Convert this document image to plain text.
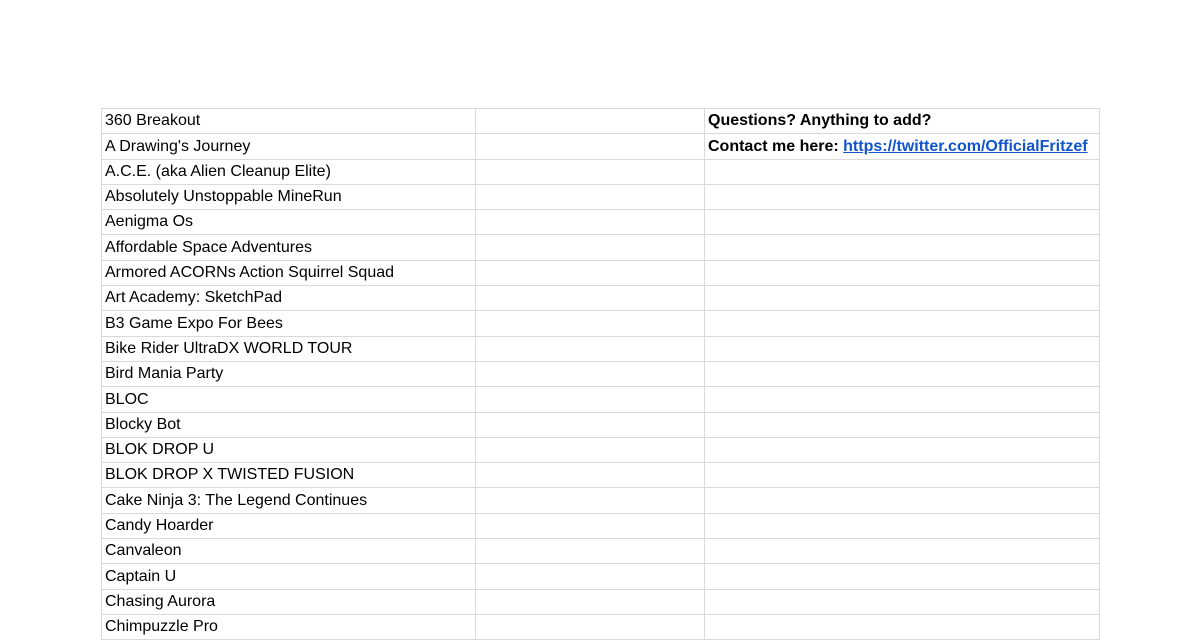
360 Breakout		Questions? Anything to add?
A Drawing's Journey		Contact me here: https://twitter.com/OfficialFritzef
A.C.E. (aka Alien Cleanup Elite)		
Absolutely Unstoppable MineRun		
Aenigma Os		
Affordable Space Adventures		
Armored ACORNs Action Squirrel Squad		
Art Academy: SketchPad		
B3 Game Expo For Bees		
Bike Rider UltraDX WORLD TOUR		
Bird Mania Party		
BLOC		
Blocky Bot		
BLOK DROP U		
BLOK DROP X TWISTED FUSION		
Cake Ninja 3: The Legend Continues		
Candy Hoarder		
Canvaleon		
Captain U		
Chasing Aurora		
Chimpuzzle Pro		
